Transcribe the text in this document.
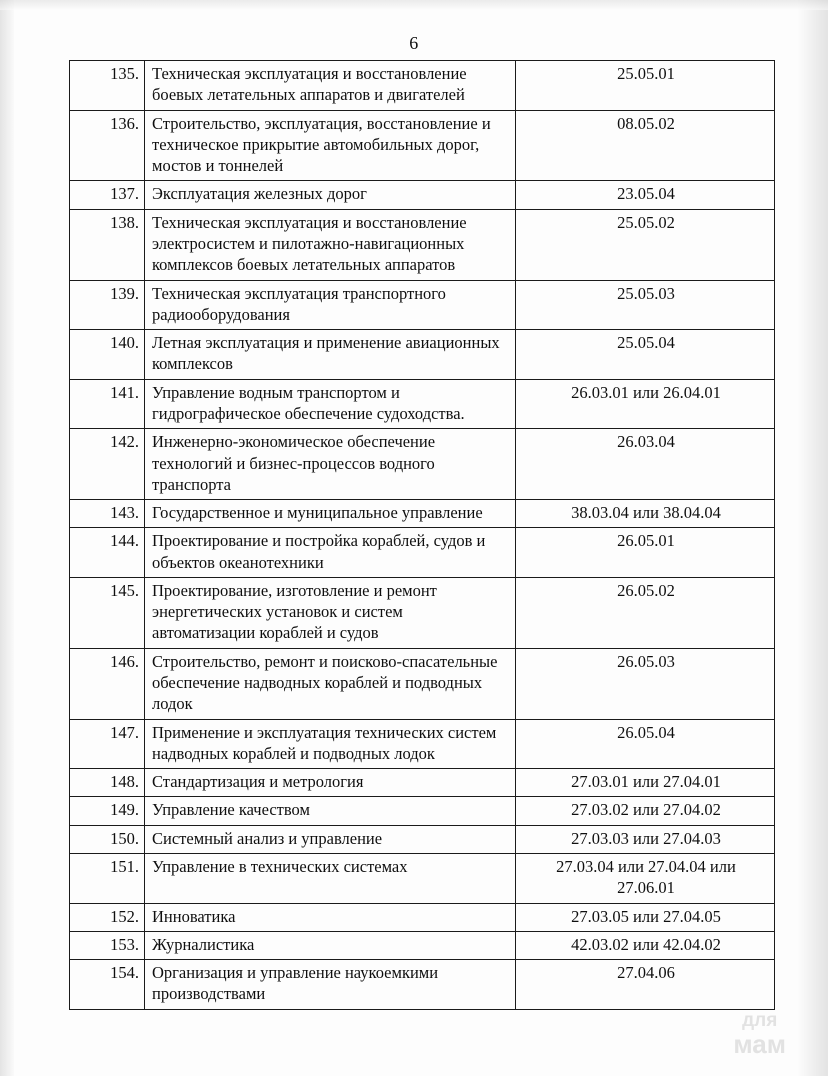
6
135.	Техническая эксплуатация и восстановление боевых летательных аппаратов и двигателей	25.05.01

136.	Строительство, эксплуатация, восстановление и техническое прикрытие автомобильных дорог, мостов и тоннелей	08.05.02

137.	Эксплуатация железных дорог	23.05.04

138.	Техническая эксплуатация и восстановление электросистем и пилотажно-навигационных комплексов боевых летательных аппаратов	25.05.02

139.	Техническая эксплуатация транспортного радиооборудования	25.05.03

140.	Летная эксплуатация и применение авиационных комплексов	25.05.04

141.	Управление водным транспортом и гидрографическое обеспечение судоходства.	26.03.01 или 26.04.01

142.	Инженерно-экономическое обеспечение технологий и бизнес-процессов водного транспорта	26.03.04

143.	Государственное и муниципальное управление	38.03.04 или 38.04.04

144.	Проектирование и постройка кораблей, судов и объектов океанотехники	26.05.01

145.	Проектирование, изготовление и ремонт энергетических установок и систем автоматизации кораблей и судов	26.05.02

146.	Строительство, ремонт и поисково-спасательные обеспечение надводных кораблей и подводных лодок	26.05.03

147.	Применение и эксплуатация технических систем надводных кораблей и подводных лодок	26.05.04

148.	Стандартизация и метрология	27.03.01 или 27.04.01

149.	Управление качеством	27.03.02 или 27.04.02

150.	Системный анализ и управление	27.03.03 или 27.04.03

151.	Управление в технических системах	27.03.04 или 27.04.04 или
27.06.01

152.	Инноватика	27.03.05 или 27.04.05

153.	Журналистика	42.03.02 или 42.04.02

154.	Организация и управление наукоемкими производствами	27.04.06
для
мам
